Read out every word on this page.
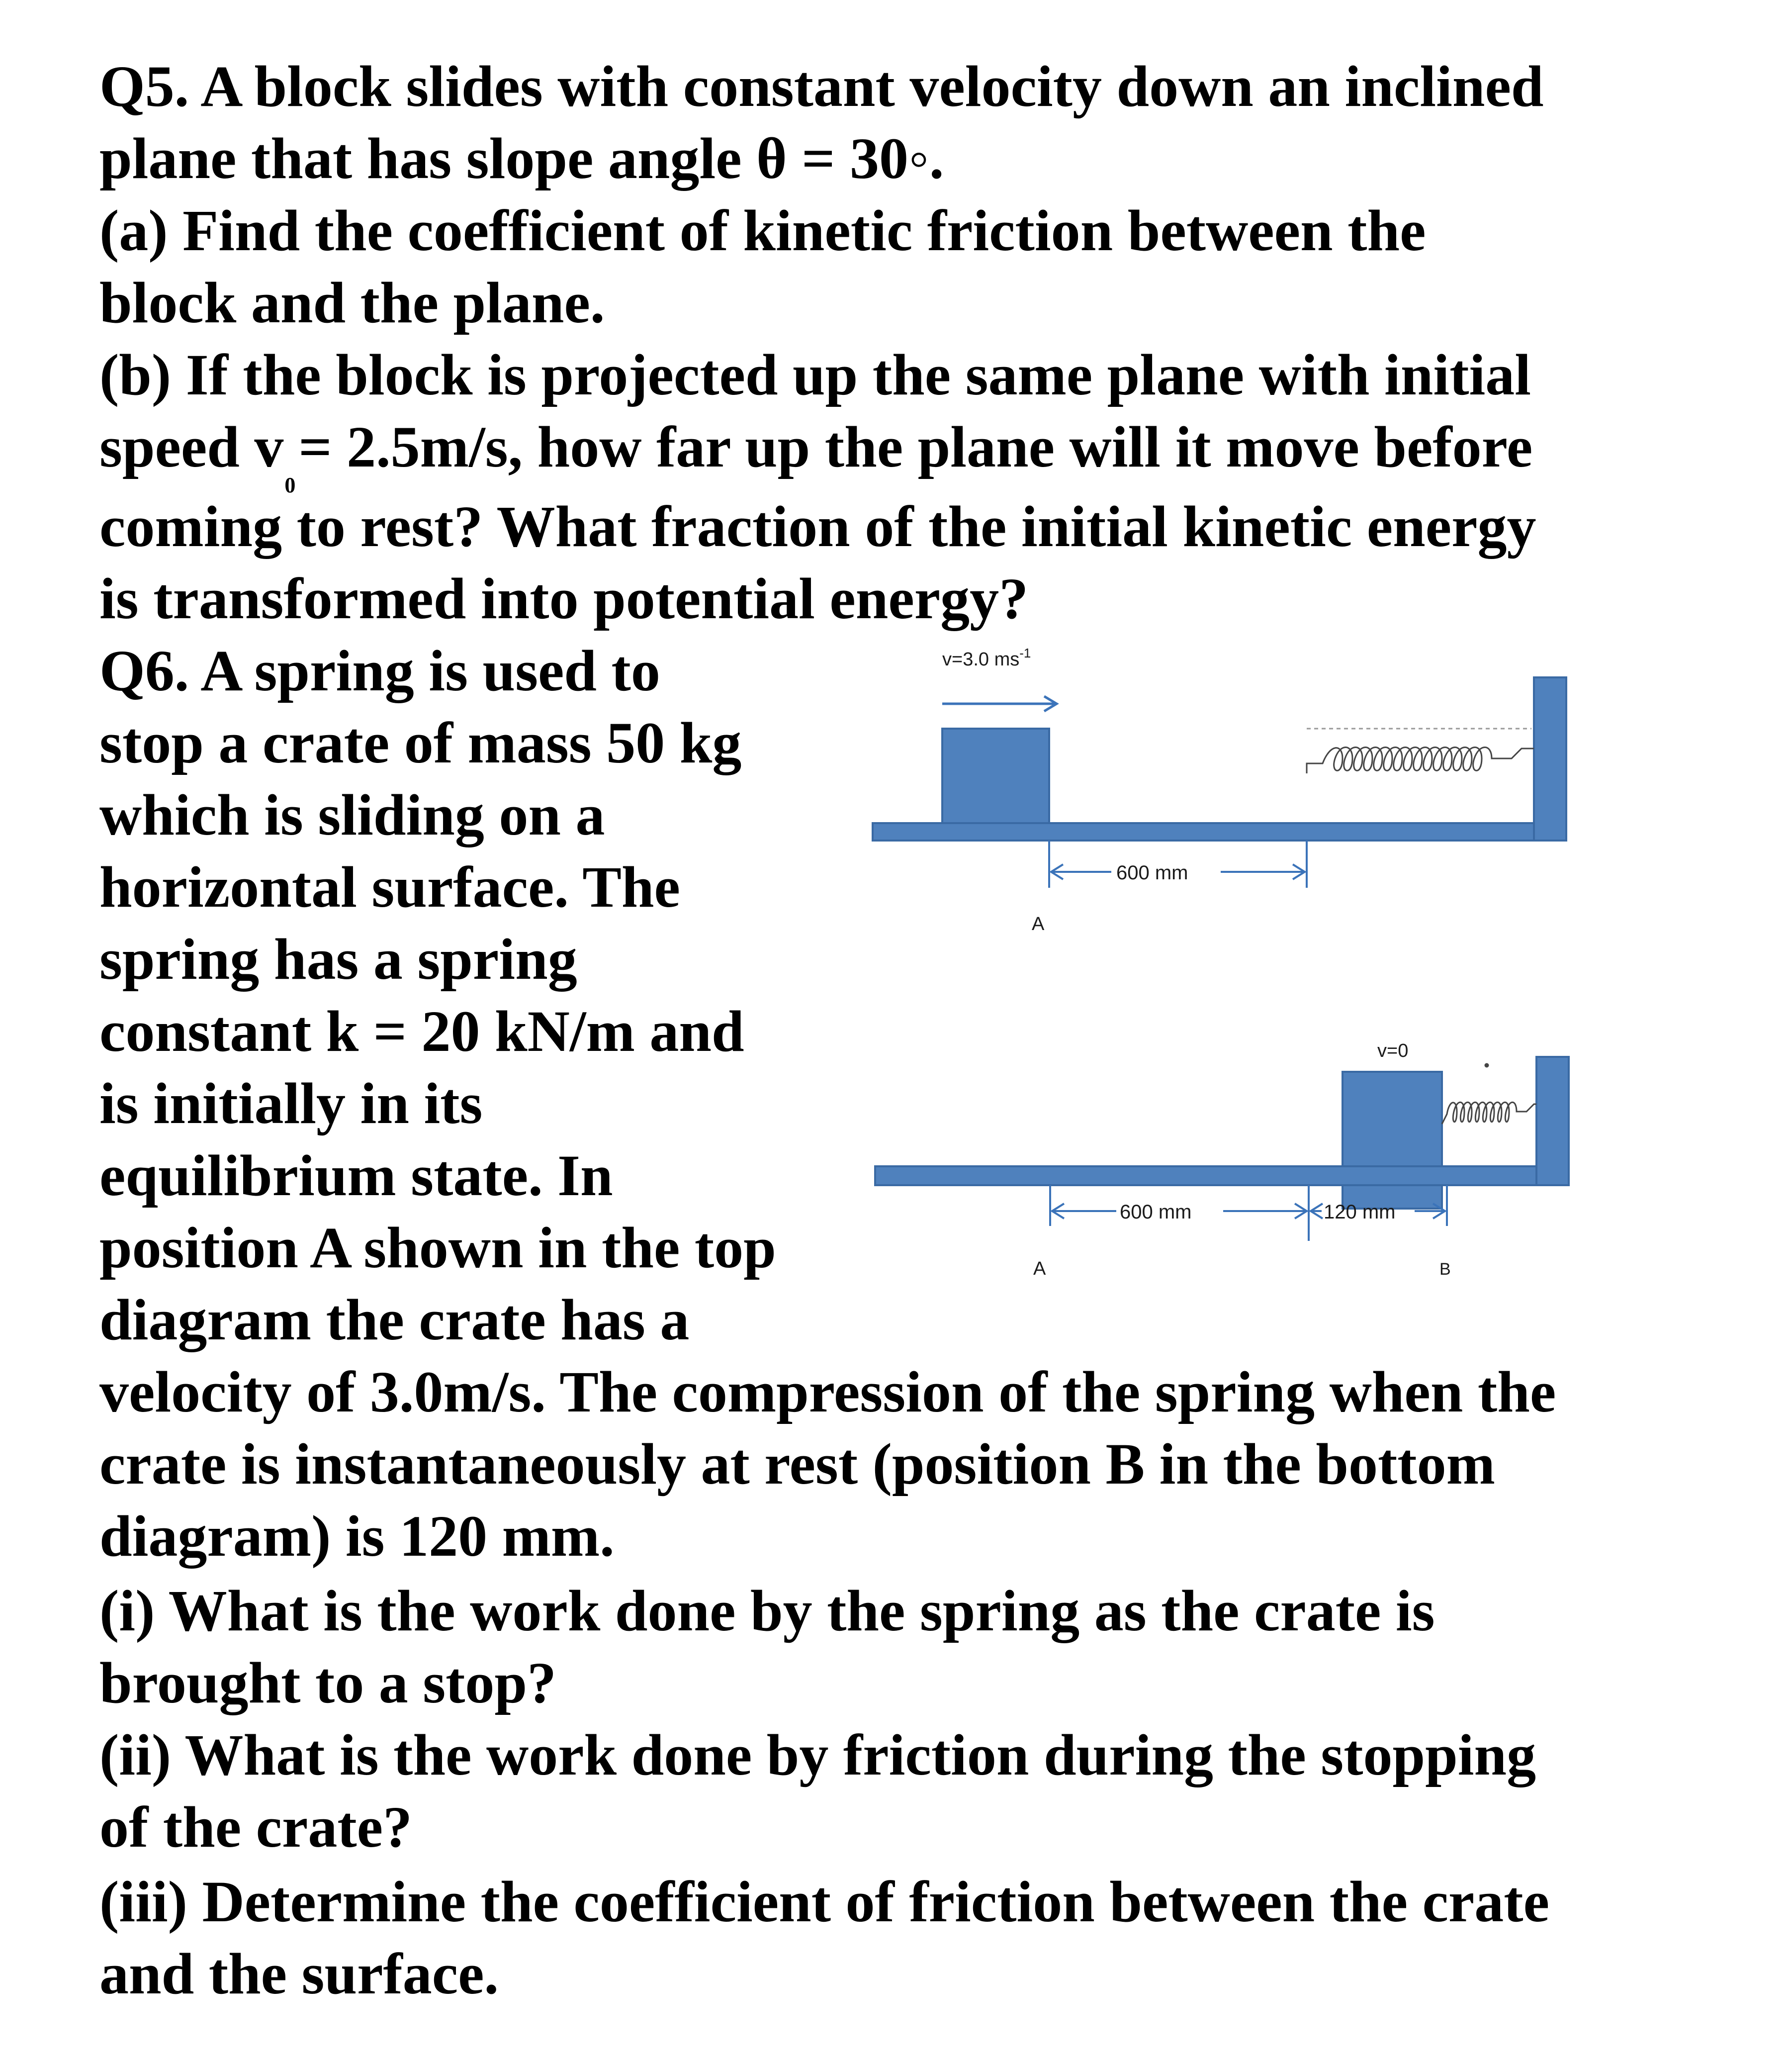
Q5. A block slides with constant velocity down an inclined
plane that has slope angle θ = 30◦.
(a) Find the coefficient of kinetic friction between the
block and the plane.
(b) If the block is projected up the same plane with initial
speed $v_0= 2.5m/s$, how far up the plane will it move before
coming to rest? What fraction of the initial kinetic energy
is transformed into potential energy?
Q6. A spring is used to
stop a crate of mass 50 kg
which is sliding on a
horizontal surface. The
spring has a spring
constant k = 20 kN/m and
is initially in its
equilibrium state. In
position A shown in the top
diagram the crate has a
velocity of 3.0m/s. The compression of the spring when the
crate is instantaneously at rest (position B in the bottom
diagram) is 120 mm.
(i) What is the work done by the spring as the crate is
brought to a stop?
(ii) What is the work done by friction during the stopping
of the crate?
(iii) Determine the coefficient of friction between the crate
and the surface.
v=3.0 $ms^{-1}$
600 mm
A
v=0
600 mm	120 mm
A	B
